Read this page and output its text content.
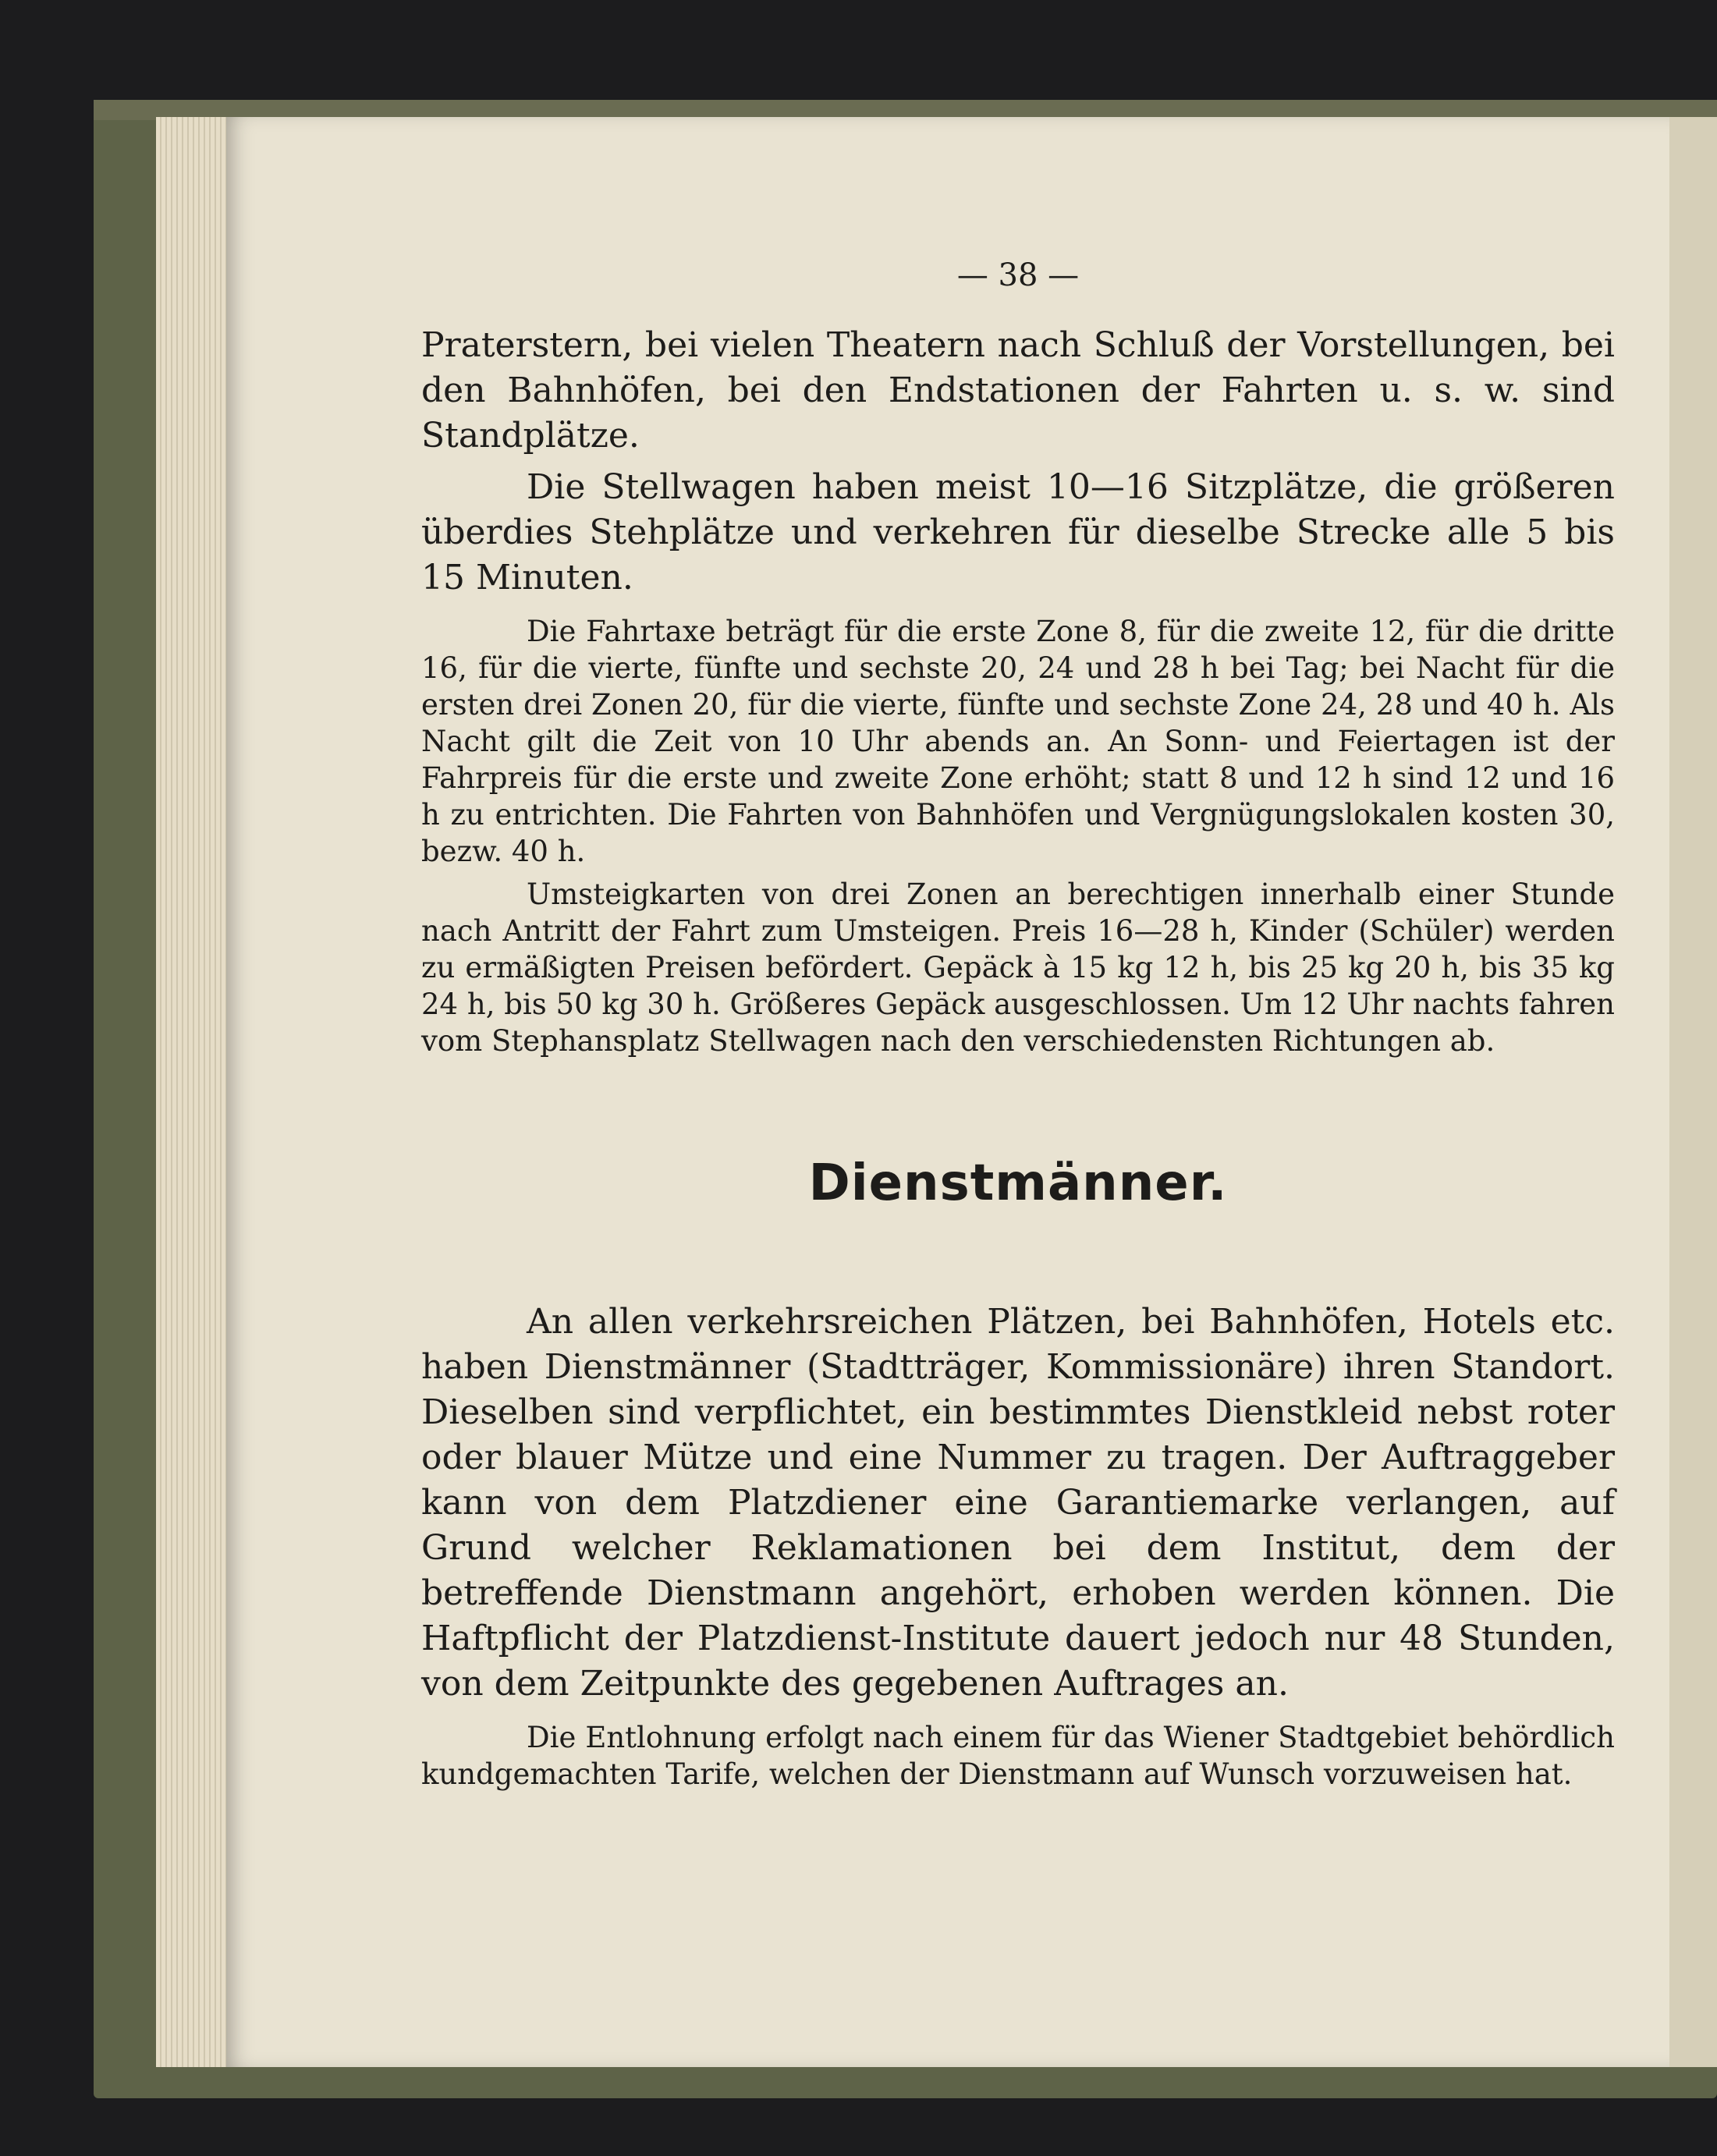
— 38 —

Praterstern, bei vielen Theatern nach Schluß der Vorstellungen, bei den Bahnhöfen, bei den Endstationen der Fahrten u. s. w. sind Standplätze.

Die Stellwagen haben meist 10—16 Sitzplätze, die größeren überdies Stehplätze und verkehren für dieselbe Strecke alle 5 bis 15 Minuten.

Die Fahrtaxe beträgt für die erste Zone 8, für die zweite 12, für die dritte 16, für die vierte, fünfte und sechste 20, 24 und 28 h bei Tag; bei Nacht für die ersten drei Zonen 20, für die vierte, fünfte und sechste Zone 24, 28 und 40 h. Als Nacht gilt die Zeit von 10 Uhr abends an. An Sonn- und Feiertagen ist der Fahrpreis für die erste und zweite Zone erhöht; statt 8 und 12 h sind 12 und 16 h zu entrichten. Die Fahrten von Bahnhöfen und Vergnügungslokalen kosten 30, bezw. 40 h.

Umsteigkarten von drei Zonen an berechtigen innerhalb einer Stunde nach Antritt der Fahrt zum Umsteigen. Preis 16—28 h, Kinder (Schüler) werden zu ermäßigten Preisen befördert. Gepäck à 15 kg 12 h, bis 25 kg 20 h, bis 35 kg 24 h, bis 50 kg 30 h. Größeres Gepäck ausgeschlossen. Um 12 Uhr nachts fahren vom Stephansplatz Stellwagen nach den verschiedensten Richtungen ab.

Dienstmänner.

An allen verkehrsreichen Plätzen, bei Bahnhöfen, Hotels etc. haben Dienstmänner (Stadtträger, Kommissionäre) ihren Standort. Dieselben sind verpflichtet, ein bestimmtes Dienstkleid nebst roter oder blauer Mütze und eine Nummer zu tragen. Der Auftraggeber kann von dem Platzdiener eine Garantiemarke verlangen, auf Grund welcher Reklamationen bei dem Institut, dem der betreffende Dienstmann angehört, erhoben werden können. Die Haftpflicht der Platzdienst-Institute dauert jedoch nur 48 Stunden, von dem Zeitpunkte des gegebenen Auftrages an.

Die Entlohnung erfolgt nach einem für das Wiener Stadtgebiet behördlich kundgemachten Tarife, welchen der Dienstmann auf Wunsch vorzuweisen hat.
